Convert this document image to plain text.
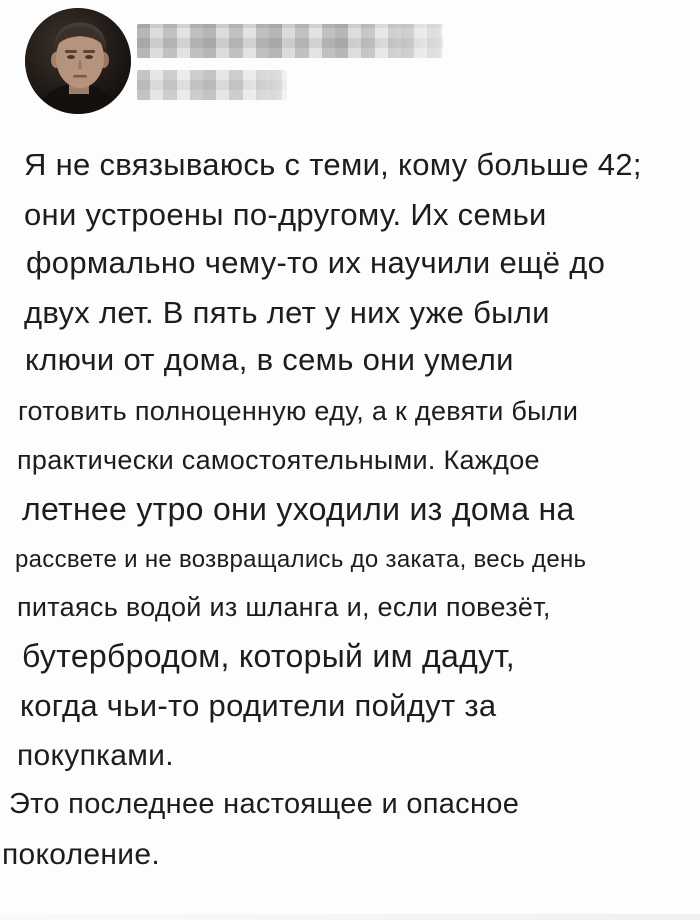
Я не связываюсь с теми, кому больше 42;
они устроены по-другому. Их семьи
формально чему-то их научили ещё до
двух лет. В пять лет у них уже были
ключи от дома, в семь они умели
готовить полноценную еду, а к девяти были
практически самостоятельными. Каждое
летнее утро они уходили из дома на
рассвете и не возвращались до заката, весь день
питаясь водой из шланга и, если повезёт,
бутербродом, который им дадут,
когда чьи-то родители пойдут за
покупками.
Это последнее настоящее и опасное
поколение.
